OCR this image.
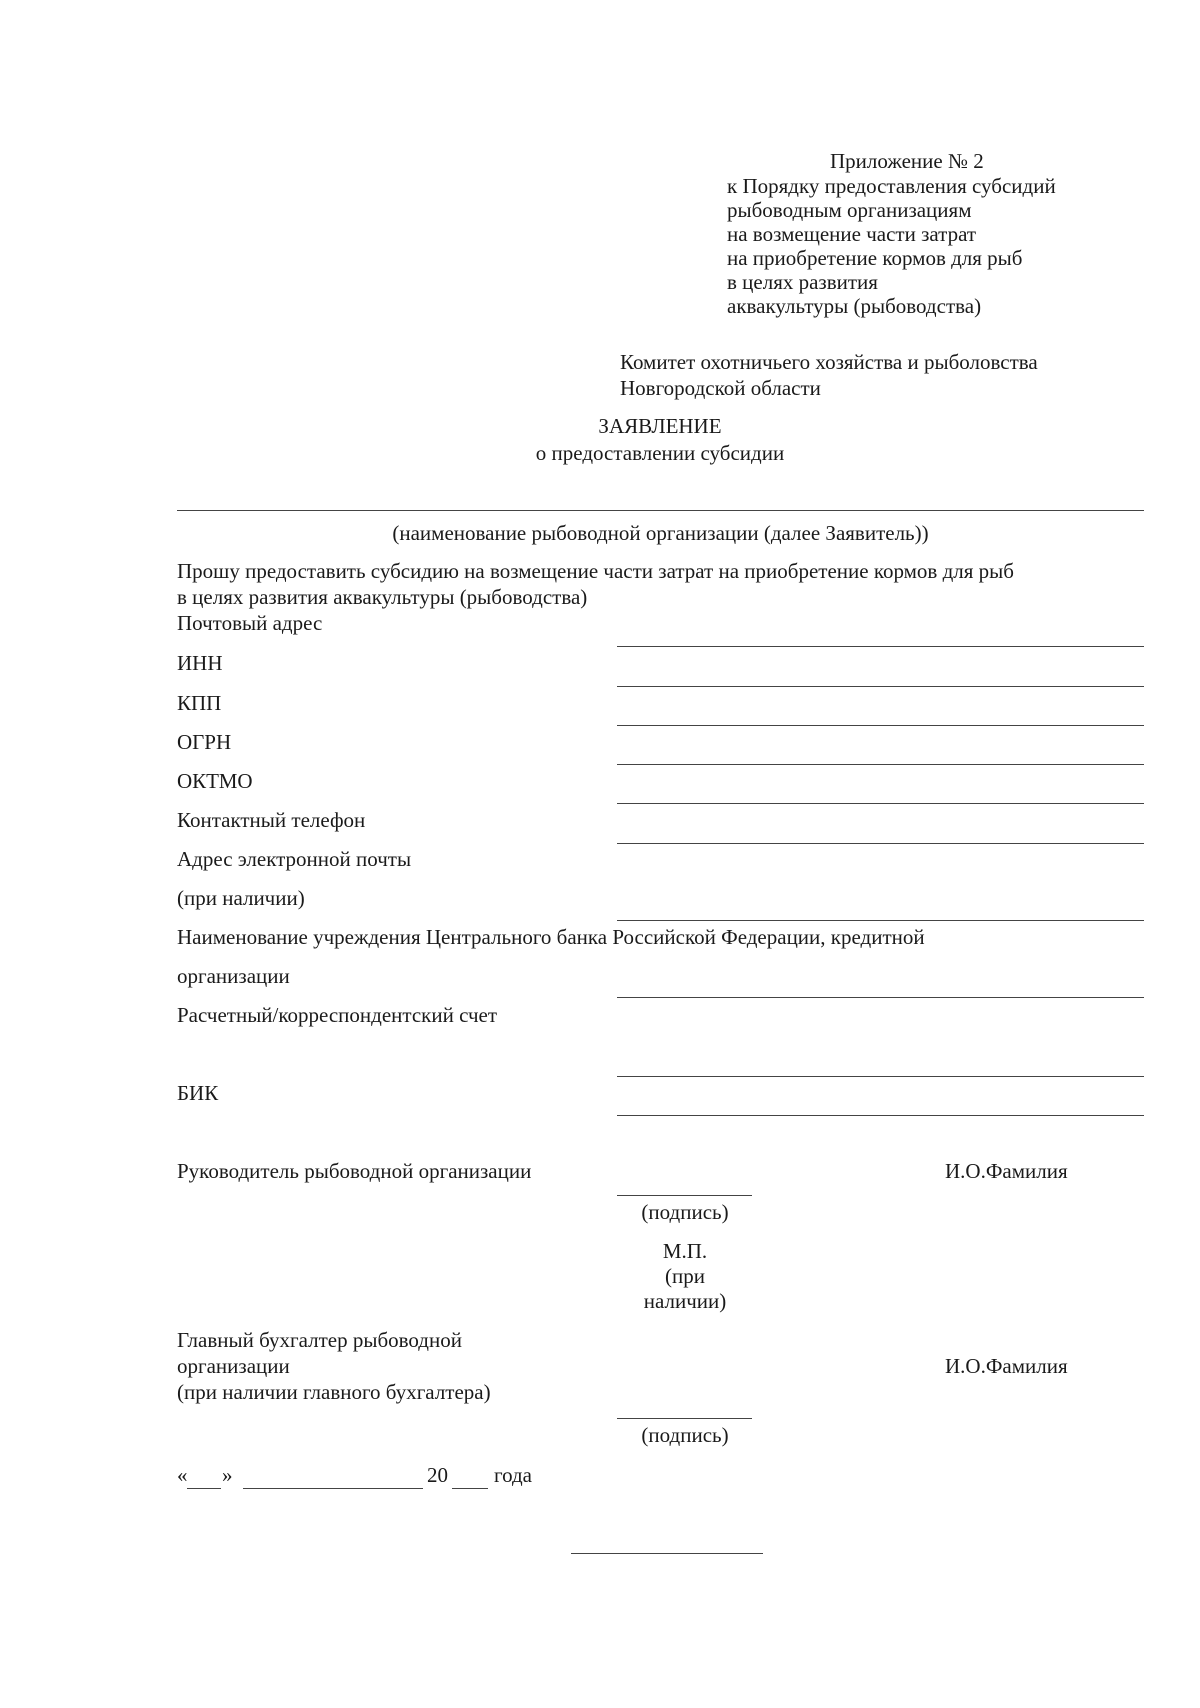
Приложение № 2
к Порядку предоставления субсидий
рыбоводным организациям
на возмещение части затрат
на приобретение кормов для рыб
в целях развития
аквакультуры (рыбоводства)
Комитет охотничьего хозяйства и рыболовства
Новгородской области
ЗАЯВЛЕНИЕ
о предоставлении субсидии
(наименование рыбоводной организации (далее Заявитель))
Прошу предоставить субсидию на возмещение части затрат на приобретение кормов для рыб
в целях развития аквакультуры (рыбоводства)
Почтовый адрес
ИНН
КПП
ОГРН
ОКТМО
Контактный телефон
Адрес электронной почты
(при наличии)
Наименование учреждения Центрального банка Российской Федерации, кредитной
организации
Расчетный/корреспондентский счет
БИК
Руководитель рыбоводной организации	И.О.Фамилия
(подпись)
М.П.
(при
наличии)
Главный бухгалтер рыбоводной
организации
(при наличии главного бухгалтера)
И.О.Фамилия
(подпись)
« »	20 года
